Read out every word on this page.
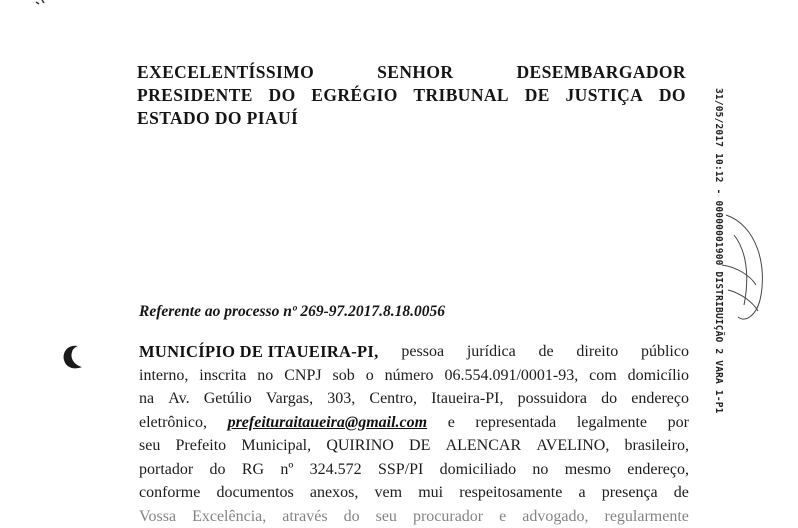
EXECELENTÍSSIMO	SENHOR	DESEMBARGADOR
PRESIDENTE DO EGRÉGIO TRIBUNAL DE JUSTIÇA DO
ESTADO DO PIAUÍ	31/05/2017 10:12 - 00000001900 DISTRIBUIÇÃO 2 VARA 1-P1
Referente ao processo nº 269-97.2017.8.18.0056
MUNICÍPIO DE ITAUEIRA-PI, pessoa jurídica de direito público
interno, inscrita no CNPJ sob o número 06.554.091/0001-93, com domicílio
na Av. Getúlio Vargas, 303, Centro, Itaueira-PI, possuidora do endereço
eletrônico, prefeituraitaueira@gmail.com e representada legalmente por
seu Prefeito Municipal, QUIRINO DE ALENCAR AVELINO, brasileiro,
portador do RG nº 324.572 SSP/PI domiciliado no mesmo endereço,
conforme documentos anexos, vem mui respeitosamente a presença de
Vossa Excelência, através do seu procurador e advogado, regularmente
